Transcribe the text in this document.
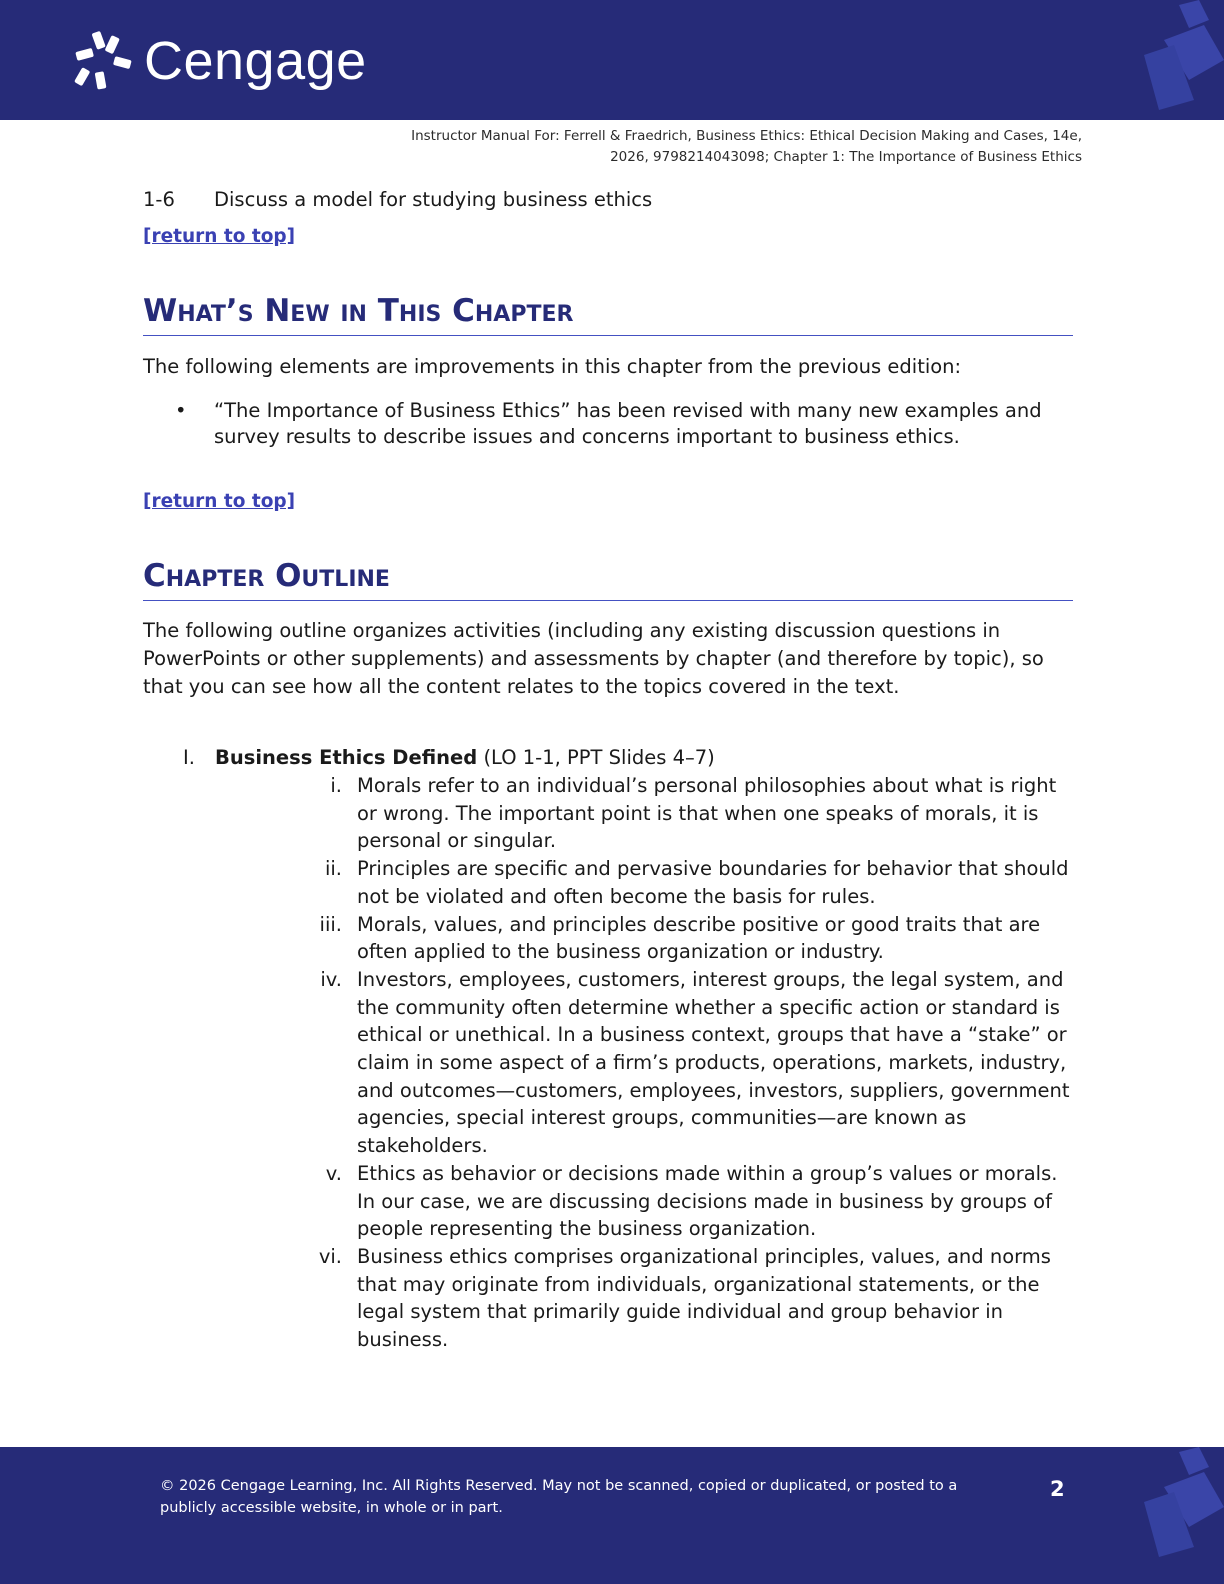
Cengage
Instructor Manual For: Ferrell & Fraedrich, Business Ethics: Ethical Decision Making and Cases, 14e,
2026, 9798214043098; Chapter 1: The Importance of Business Ethics
1-6 Discuss a model for studying business ethics
[return to top]
What’s New in This Chapter
The following elements are improvements in this chapter from the previous edition:
• “The Importance of Business Ethics” has been revised with many new examples and survey results to describe issues and concerns important to business ethics.
[return to top]
Chapter Outline
The following outline organizes activities (including any existing discussion questions in PowerPoints or other supplements) and assessments by chapter (and therefore by topic), so that you can see how all the content relates to the topics covered in the text.
I. Business Ethics Defined (LO 1-1, PPT Slides 4–7)
i. Morals refer to an individual’s personal philosophies about what is right or wrong. The important point is that when one speaks of morals, it is personal or singular.
ii. Principles are specific and pervasive boundaries for behavior that should not be violated and often become the basis for rules.
iii. Morals, values, and principles describe positive or good traits that are often applied to the business organization or industry.
iv. Investors, employees, customers, interest groups, the legal system, and the community often determine whether a specific action or standard is ethical or unethical. In a business context, groups that have a “stake” or claim in some aspect of a firm’s products, operations, markets, industry, and outcomes—customers, employees, investors, suppliers, government agencies, special interest groups, communities—are known as stakeholders.
v. Ethics as behavior or decisions made within a group’s values or morals. In our case, we are discussing decisions made in business by groups of people representing the business organization.
vi. Business ethics comprises organizational principles, values, and norms that may originate from individuals, organizational statements, or the legal system that primarily guide individual and group behavior in business.
© 2026 Cengage Learning, Inc. All Rights Reserved. May not be scanned, copied or duplicated, or posted to a publicly accessible website, in whole or in part.
2
